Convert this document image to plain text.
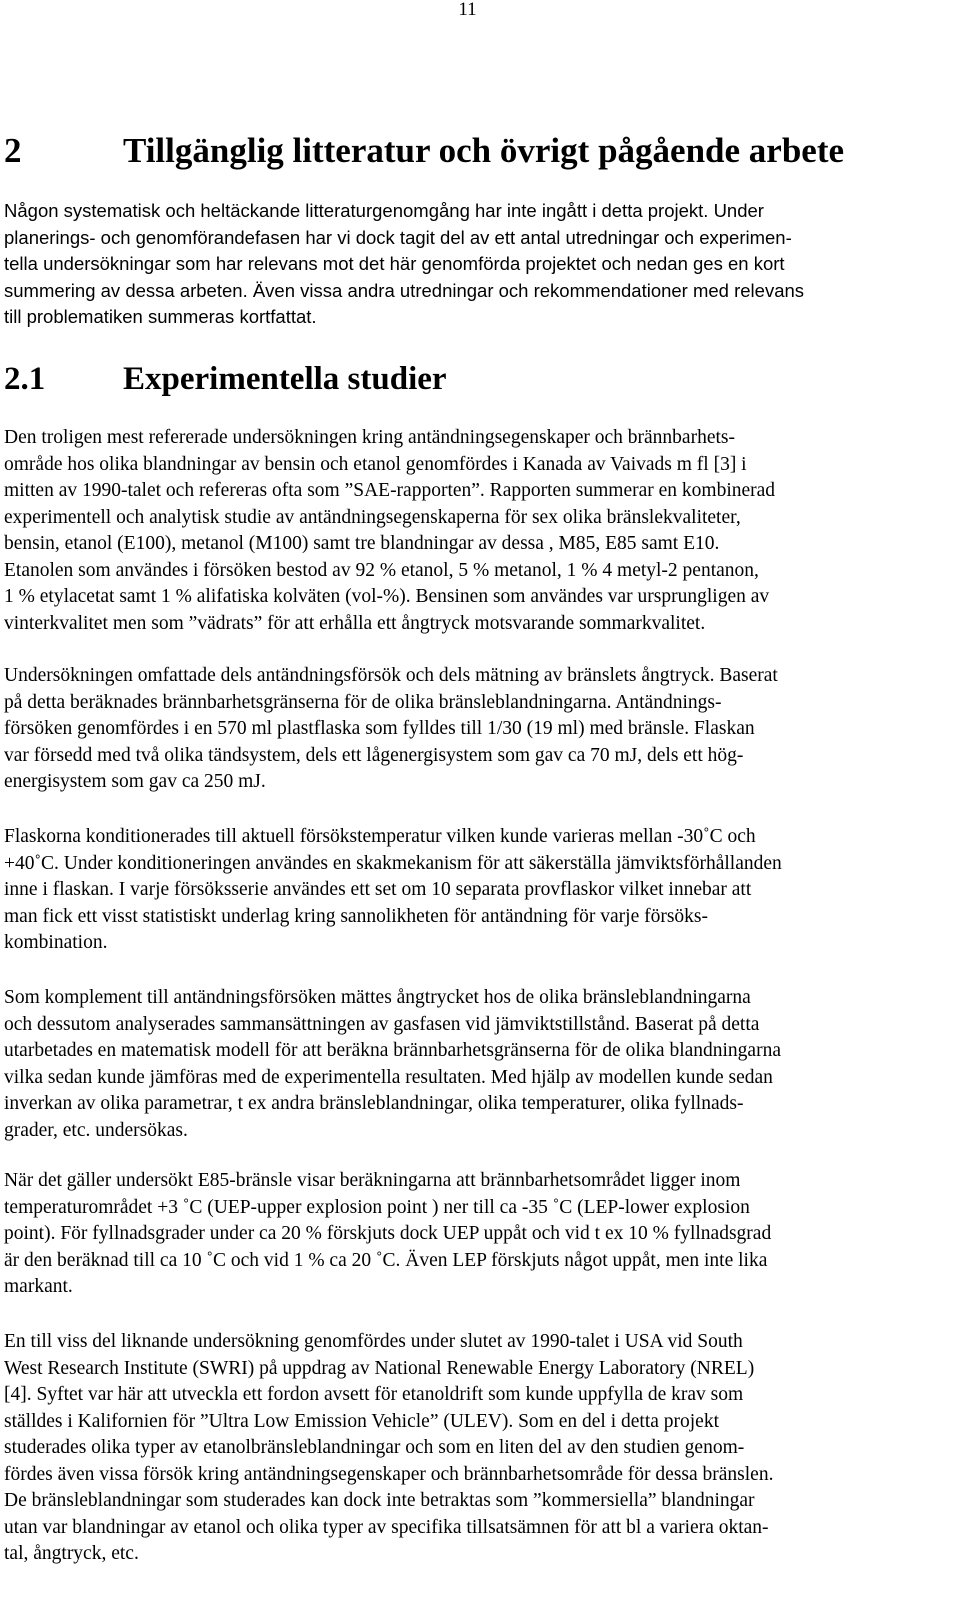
11
2	Tillgänglig litteratur och övrigt pågående arbete

Någon systematisk och heltäckande litteraturgenomgång har inte ingått i detta projekt. Under
planerings- och genomförandefasen har vi dock tagit del av ett antal utredningar och experimen-
tella undersökningar som har relevans mot det här genomförda projektet och nedan ges en kort
summering av dessa arbeten. Även vissa andra utredningar och rekommendationer med relevans
till problematiken summeras kortfattat.

2.1 Experimentella studier

Den troligen mest refererade undersökningen kring antändningsegenskaper och brännbarhets-
område hos olika blandningar av bensin och etanol genomfördes i Kanada av Vaivads m fl [3] i
mitten av 1990-talet och refereras ofta som ”SAE-rapporten”. Rapporten summerar en kombinerad
experimentell och analytisk studie av antändningsegenskaperna för sex olika bränslekvaliteter,
bensin, etanol (E100), metanol (M100) samt tre blandningar av dessa , M85, E85 samt E10.
Etanolen som användes i försöken bestod av 92 % etanol, 5 % metanol, 1 % 4 metyl-2 pentanon,
1 % etylacetat samt 1 % alifatiska kolväten (vol-%). Bensinen som användes var ursprungligen av
vinterkvalitet men som ”vädrats” för att erhålla ett ångtryck motsvarande sommarkvalitet.

Undersökningen omfattade dels antändningsförsök och dels mätning av bränslets ångtryck. Baserat
på detta beräknades brännbarhetsgränserna för de olika bränsleblandningarna. Antändnings-
försöken genomfördes i en 570 ml plastflaska som fylldes till 1/30 (19 ml) med bränsle. Flaskan
var försedd med två olika tändsystem, dels ett lågenergisystem som gav ca 70 mJ, dels ett hög-
energisystem som gav ca 250 mJ.

Flaskorna konditionerades till aktuell försökstemperatur vilken kunde varieras mellan -30˚C och
+40˚C. Under konditioneringen användes en skakmekanism för att säkerställa jämviktsförhållanden
inne i flaskan. I varje försöksserie användes ett set om 10 separata provflaskor vilket innebar att
man fick ett visst statistiskt underlag kring sannolikheten för antändning för varje försöks-
kombination.

Som komplement till antändningsförsöken mättes ångtrycket hos de olika bränsleblandningarna
och dessutom analyserades sammansättningen av gasfasen vid jämviktstillstånd. Baserat på detta
utarbetades en matematisk modell för att beräkna brännbarhetsgränserna för de olika blandningarna
vilka sedan kunde jämföras med de experimentella resultaten. Med hjälp av modellen kunde sedan
inverkan av olika parametrar, t ex andra bränsleblandningar, olika temperaturer, olika fyllnads-
grader, etc. undersökas.

När det gäller undersökt E85-bränsle visar beräkningarna att brännbarhetsområdet ligger inom
temperaturområdet +3 ˚C (UEP-upper explosion point ) ner till ca -35 ˚C (LEP-lower explosion
point). För fyllnadsgrader under ca 20 % förskjuts dock UEP uppåt och vid t ex 10 % fyllnadsgrad
är den beräknad till ca 10 ˚C och vid 1 % ca 20 ˚C. Även LEP förskjuts något uppåt, men inte lika
markant.

En till viss del liknande undersökning genomfördes under slutet av 1990-talet i USA vid South
West Research Institute (SWRI) på uppdrag av National Renewable Energy Laboratory (NREL)
[4]. Syftet var här att utveckla ett fordon avsett för etanoldrift som kunde uppfylla de krav som
ställdes i Kalifornien för ”Ultra Low Emission Vehicle” (ULEV). Som en del i detta projekt
studerades olika typer av etanolbränsleblandningar och som en liten del av den studien genom-
fördes även vissa försök kring antändningsegenskaper och brännbarhetsområde för dessa bränslen.
De bränsleblandningar som studerades kan dock inte betraktas som ”kommersiella” blandningar
utan var blandningar av etanol och olika typer av specifika tillsatsämnen för att bl a variera oktan-
tal, ångtryck, etc.
